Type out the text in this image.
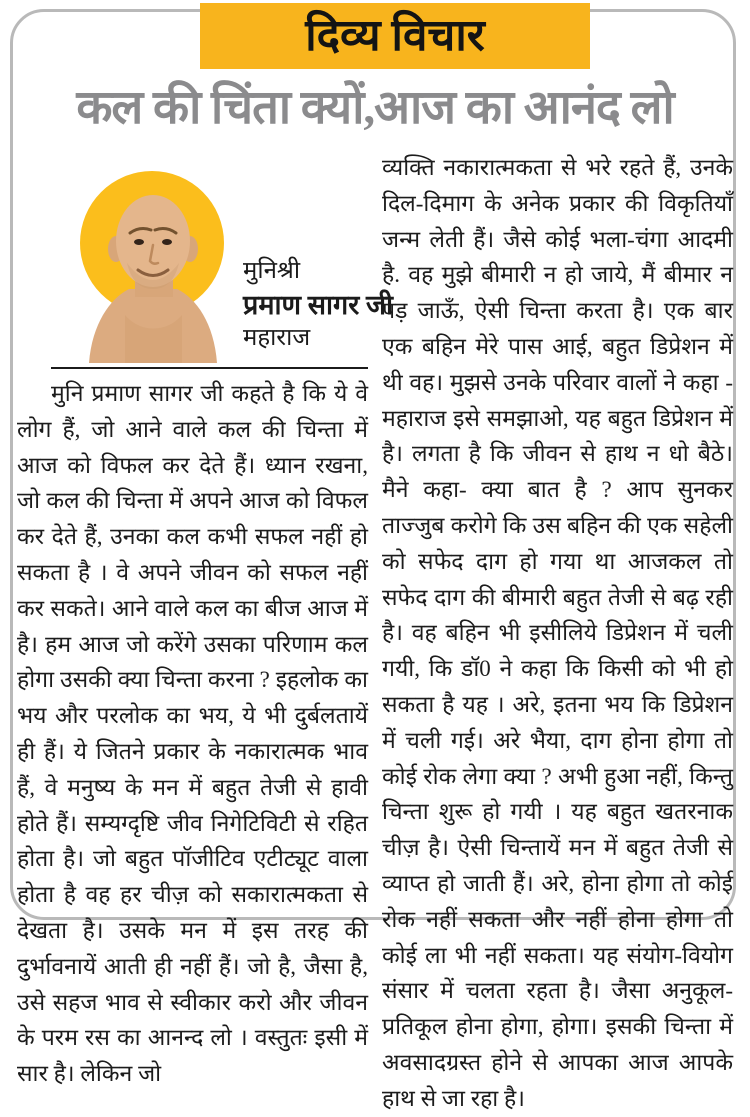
दिव्य विचार
कल की चिंता क्यों,आज का आनंद लो
मुनिश्री
प्रमाण सागर जी
महाराज

मुनि प्रमाण सागर जी कहते है कि ये वे लोग हैं, जो आने वाले कल की चिन्ता में आज को विफल कर देते हैं। ध्यान रखना, जो कल की चिन्ता में अपने आज को विफल कर देते हैं, उनका कल कभी सफल नहीं हो सकता है । वे अपने जीवन को सफल नहीं कर सकते। आने वाले कल का बीज आज में है। हम आज जो करेंगे उसका परिणाम कल होगा उसकी क्या चिन्ता करना ? इहलोक का भय और परलोक का भय, ये भी दुर्बलतायें ही हैं। ये जितने प्रकार के नकारात्मक भाव हैं, वे मनुष्य के मन में बहुत तेजी से हावी होते हैं। सम्यग्दृष्टि जीव निगेटिविटी से रहित होता है। जो बहुत पॉजीटिव एटीट्यूट वाला होता है वह हर चीज़ को सकारात्मकता से देखता है। उसके मन में इस तरह की दुर्भावनायें आती ही नहीं हैं। जो है, जैसा है, उसे सहज भाव से स्वीकार करो और जीवन के परम रस का आनन्द लो । वस्तुतः इसी में सार है। लेकिन जो

व्यक्ति नकारात्मकता से भरे रहते हैं, उनके दिल-दिमाग के अनेक प्रकार की विकृतियाँ जन्म लेती हैं। जैसे कोई भला-चंगा आदमी है. वह मुझे बीमारी न हो जाये, मैं बीमार न पड़ जाऊँ, ऐसी चिन्ता करता है। एक बार एक बहिन मेरे पास आई, बहुत डिप्रेशन में थी वह। मुझसे उनके परिवार वालों ने कहा - महाराज इसे समझाओ, यह बहुत डिप्रेशन में है। लगता है कि जीवन से हाथ न धो बैठे। मैने कहा- क्या बात है ? आप सुनकर ताज्जुब करोगे कि उस बहिन की एक सहेली को सफेद दाग हो गया था आजकल तो सफेद दाग की बीमारी बहुत तेजी से बढ़ रही है। वह बहिन भी इसीलिये डिप्रेशन में चली गयी, कि डॉ0 ने कहा कि किसी को भी हो सकता है यह । अरे, इतना भय कि डिप्रेशन में चली गई। अरे भैया, दाग होना होगा तो कोई रोक लेगा क्या ? अभी हुआ नहीं, किन्तु चिन्ता शुरू हो गयी । यह बहुत खतरनाक चीज़ है। ऐसी चिन्तायें मन में बहुत तेजी से व्याप्त हो जाती हैं। अरे, होना होगा तो कोई रोक नहीं सकता और नहीं होना होगा तो कोई ला भी नहीं सकता। यह संयोग-वियोग संसार में चलता रहता है। जैसा अनुकूल-प्रतिकूल होना होगा, होगा। इसकी चिन्ता में अवसादग्रस्त होने से आपका आज आपके हाथ से जा रहा है।
